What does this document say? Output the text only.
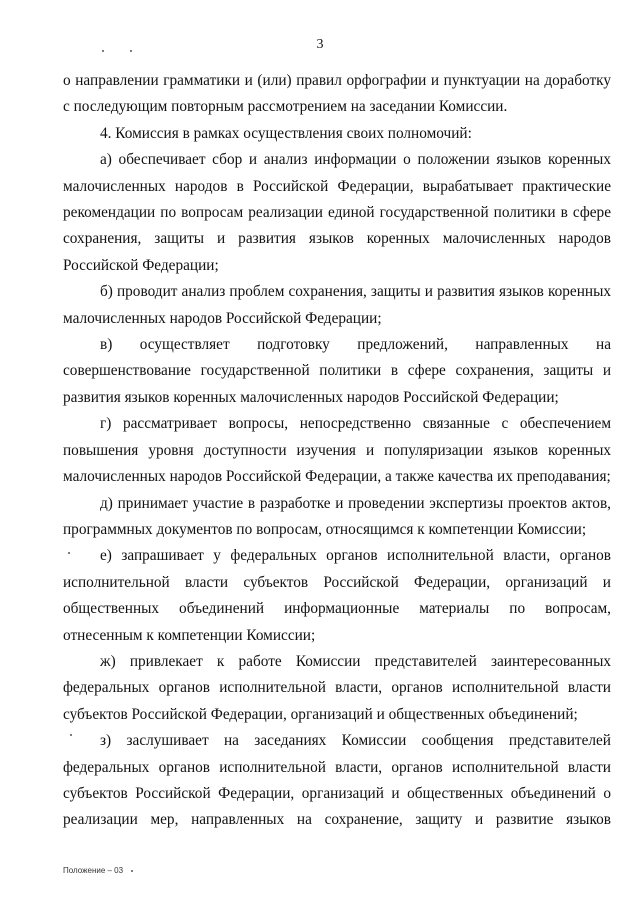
3

о направлении грамматики и (или) правил орфографии и пунктуации на доработку с последующим повторным рассмотрением на заседании Комиссии.

4. Комиссия в рамках осуществления своих полномочий:

а) обеспечивает сбор и анализ информации о положении языков коренных малочисленных народов в Российской Федерации, вырабатывает практические рекомендации по вопросам реализации единой государственной политики в сфере сохранения, защиты и развития языков коренных малочисленных народов Российской Федерации;

б) проводит анализ проблем сохранения, защиты и развития языков коренных малочисленных народов Российской Федерации;

в) осуществляет подготовку предложений, направленных на совершенствование государственной политики в сфере сохранения, защиты и развития языков коренных малочисленных народов Российской Федерации;

г) рассматривает вопросы, непосредственно связанные с обеспечением повышения уровня доступности изучения и популяризации языков коренных малочисленных народов Российской Федерации, а также качества их преподавания;

д) принимает участие в разработке и проведении экспертизы проектов актов, программных документов по вопросам, относящимся к компетенции Комиссии;

е) запрашивает у федеральных органов исполнительной власти, органов исполнительной власти субъектов Российской Федерации, организаций и общественных объединений информационные материалы по вопросам, отнесенным к компетенции Комиссии;

ж) привлекает к работе Комиссии представителей заинтересованных федеральных органов исполнительной власти, органов исполнительной власти субъектов Российской Федерации, организаций и общественных объединений;

з) заслушивает на заседаниях Комиссии сообщения представителей федеральных органов исполнительной власти, органов исполнительной власти субъектов Российской Федерации, организаций и общественных объединений о реализации мер, направленных на сохранение, защиту и развитие языков

Положение – 03
